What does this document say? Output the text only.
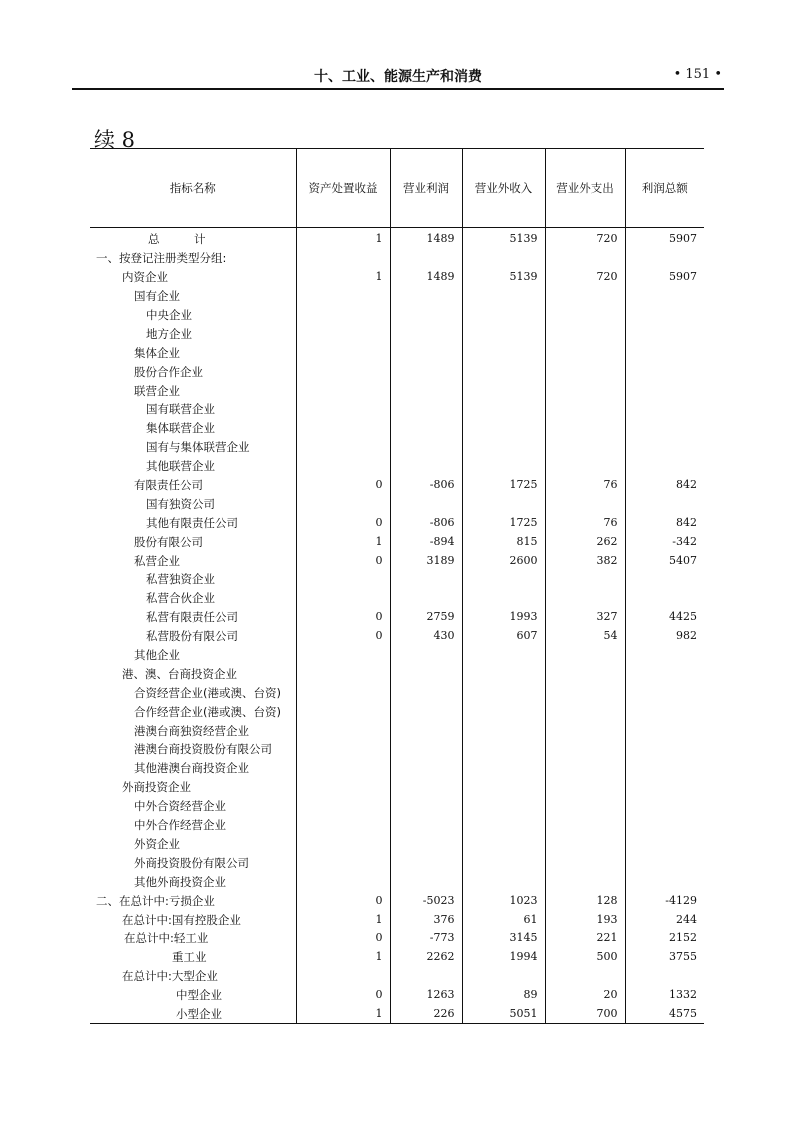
十、工业、能源生产和消费	• 151 •
续 8
指标名称	资产处置收益	营业利润	营业外收入	营业外支出	利润总额
总　　　计	1	1489	5139	720	5907
一、按登记注册类型分组:					
内资企业	1	1489	5139	720	5907
国有企业					
中央企业					
地方企业					
集体企业					
股份合作企业					
联营企业					
国有联营企业					
集体联营企业					
国有与集体联营企业					
其他联营企业					
有限责任公司	0	-806	1725	76	842
国有独资公司					
其他有限责任公司	0	-806	1725	76	842
股份有限公司	1	-894	815	262	-342
私营企业	0	3189	2600	382	5407
私营独资企业					
私营合伙企业					
私营有限责任公司	0	2759	1993	327	4425
私营股份有限公司	0	430	607	54	982
其他企业					
港、澳、台商投资企业					
合资经营企业(港或澳、台资)					
合作经营企业(港或澳、台资)					
港澳台商独资经营企业					
港澳台商投资股份有限公司					
其他港澳台商投资企业					
外商投资企业					
中外合资经营企业					
中外合作经营企业					
外资企业					
外商投资股份有限公司					
其他外商投资企业					
二、在总计中:亏损企业	0	-5023	1023	128	-4129
在总计中:国有控股企业	1	376	61	193	244
在总计中:轻工业	0	-773	3145	221	2152
重工业	1	2262	1994	500	3755
在总计中:大型企业					
中型企业	0	1263	89	20	1332
小型企业	1	226	5051	700	4575
